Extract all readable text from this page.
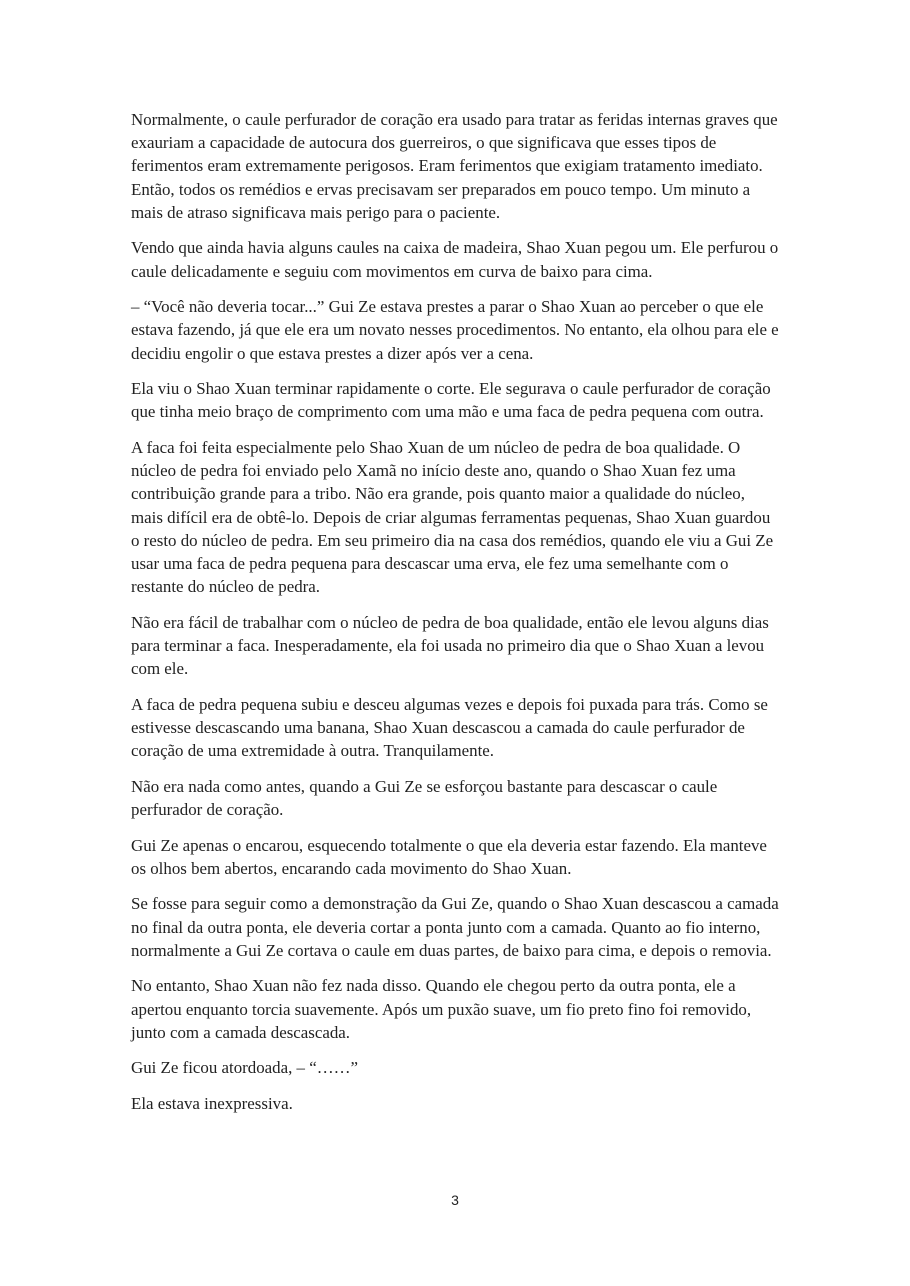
Normalmente, o caule perfurador de coração era usado para tratar as feridas internas graves que exauriam a capacidade de autocura dos guerreiros, o que significava que esses tipos de ferimentos eram extremamente perigosos. Eram ferimentos que exigiam tratamento imediato. Então, todos os remédios e ervas precisavam ser preparados em pouco tempo. Um minuto a mais de atraso significava mais perigo para o paciente.

Vendo que ainda havia alguns caules na caixa de madeira, Shao Xuan pegou um. Ele perfurou o caule delicadamente e seguiu com movimentos em curva de baixo para cima.

– “Você não deveria tocar...” Gui Ze estava prestes a parar o Shao Xuan ao perceber o que ele estava fazendo, já que ele era um novato nesses procedimentos. No entanto, ela olhou para ele e decidiu engolir o que estava prestes a dizer após ver a cena.

Ela viu o Shao Xuan terminar rapidamente o corte. Ele segurava o caule perfurador de coração que tinha meio braço de comprimento com uma mão e uma faca de pedra pequena com outra.

A faca foi feita especialmente pelo Shao Xuan de um núcleo de pedra de boa qualidade. O núcleo de pedra foi enviado pelo Xamã no início deste ano, quando o Shao Xuan fez uma contribuição grande para a tribo. Não era grande, pois quanto maior a qualidade do núcleo, mais difícil era de obtê-lo. Depois de criar algumas ferramentas pequenas, Shao Xuan guardou o resto do núcleo de pedra. Em seu primeiro dia na casa dos remédios, quando ele viu a Gui Ze usar uma faca de pedra pequena para descascar uma erva, ele fez uma semelhante com o restante do núcleo de pedra.

Não era fácil de trabalhar com o núcleo de pedra de boa qualidade, então ele levou alguns dias para terminar a faca. Inesperadamente, ela foi usada no primeiro dia que o Shao Xuan a levou com ele.

A faca de pedra pequena subiu e desceu algumas vezes e depois foi puxada para trás. Como se estivesse descascando uma banana, Shao Xuan descascou a camada do caule perfurador de coração de uma extremidade à outra. Tranquilamente.

Não era nada como antes, quando a Gui Ze se esforçou bastante para descascar o caule perfurador de coração.

Gui Ze apenas o encarou, esquecendo totalmente o que ela deveria estar fazendo. Ela manteve os olhos bem abertos, encarando cada movimento do Shao Xuan.

Se fosse para seguir como a demonstração da Gui Ze, quando o Shao Xuan descascou a camada no final da outra ponta, ele deveria cortar a ponta junto com a camada. Quanto ao fio interno, normalmente a Gui Ze cortava o caule em duas partes, de baixo para cima, e depois o removia.

No entanto, Shao Xuan não fez nada disso. Quando ele chegou perto da outra ponta, ele a apertou enquanto torcia suavemente. Após um puxão suave, um fio preto fino foi removido, junto com a camada descascada.

Gui Ze ficou atordoada, – “……”

Ela estava inexpressiva.

3
